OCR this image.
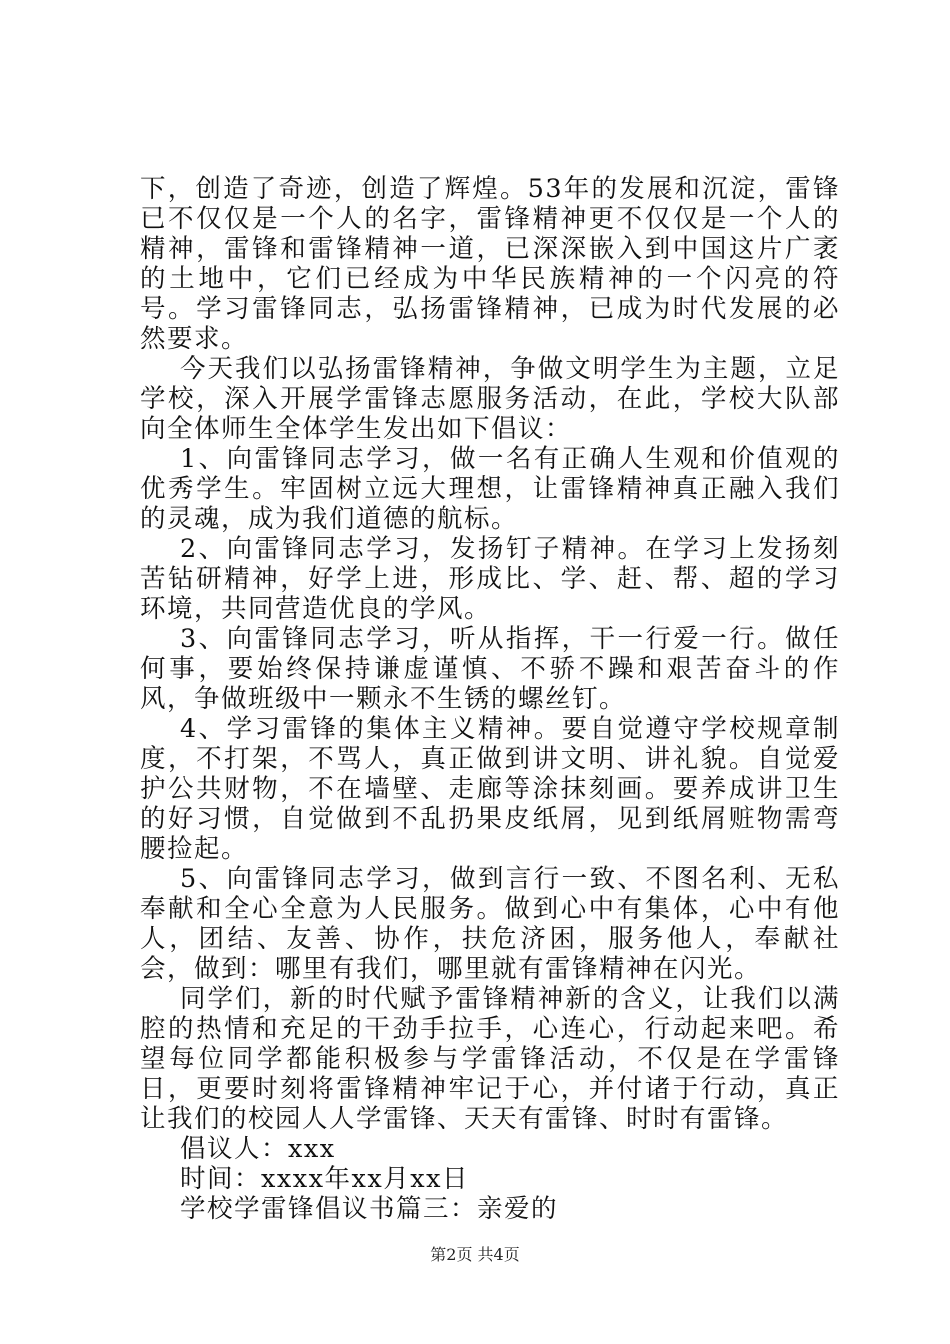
下，创造了奇迹，创造了辉煌。53年的发展和沉淀，雷锋已不仅仅是一个人的名字，雷锋精神更不仅仅是一个人的精神，雷锋和雷锋精神一道，已深深嵌入到中国这片广袤的土地中，它们已经成为中华民族精神的一个闪亮的符号。学习雷锋同志，弘扬雷锋精神，已成为时代发展的必然要求。

今天我们以弘扬雷锋精神，争做文明学生为主题，立足学校，深入开展学雷锋志愿服务活动，在此，学校大队部向全体师生全体学生发出如下倡议：

1、向雷锋同志学习，做一名有正确人生观和价值观的优秀学生。牢固树立远大理想，让雷锋精神真正融入我们的灵魂，成为我们道德的航标。

2、向雷锋同志学习，发扬钉子精神。在学习上发扬刻苦钻研精神，好学上进，形成比、学、赶、帮、超的学习环境，共同营造优良的学风。

3、向雷锋同志学习，听从指挥，干一行爱一行。做任何事，要始终保持谦虚谨慎、不骄不躁和艰苦奋斗的作风，争做班级中一颗永不生锈的螺丝钉。

4、学习雷锋的集体主义精神。要自觉遵守学校规章制度，不打架，不骂人，真正做到讲文明、讲礼貌。自觉爱护公共财物，不在墙壁、走廊等涂抹刻画。要养成讲卫生的好习惯，自觉做到不乱扔果皮纸屑，见到纸屑赃物需弯腰捡起。

5、向雷锋同志学习，做到言行一致、不图名利、无私奉献和全心全意为人民服务。做到心中有集体，心中有他人，团结、友善、协作，扶危济困，服务他人，奉献社会，做到：哪里有我们，哪里就有雷锋精神在闪光。

同学们，新的时代赋予雷锋精神新的含义，让我们以满腔的热情和充足的干劲手拉手，心连心，行动起来吧。希望每位同学都能积极参与学雷锋活动，不仅是在学雷锋日，更要时刻将雷锋精神牢记于心，并付诸于行动，真正让我们的校园人人学雷锋、天天有雷锋、时时有雷锋。

倡议人：xxx

时间：xxxx年xx月xx日

学校学雷锋倡议书篇三：亲爱的

第2页 共4页
